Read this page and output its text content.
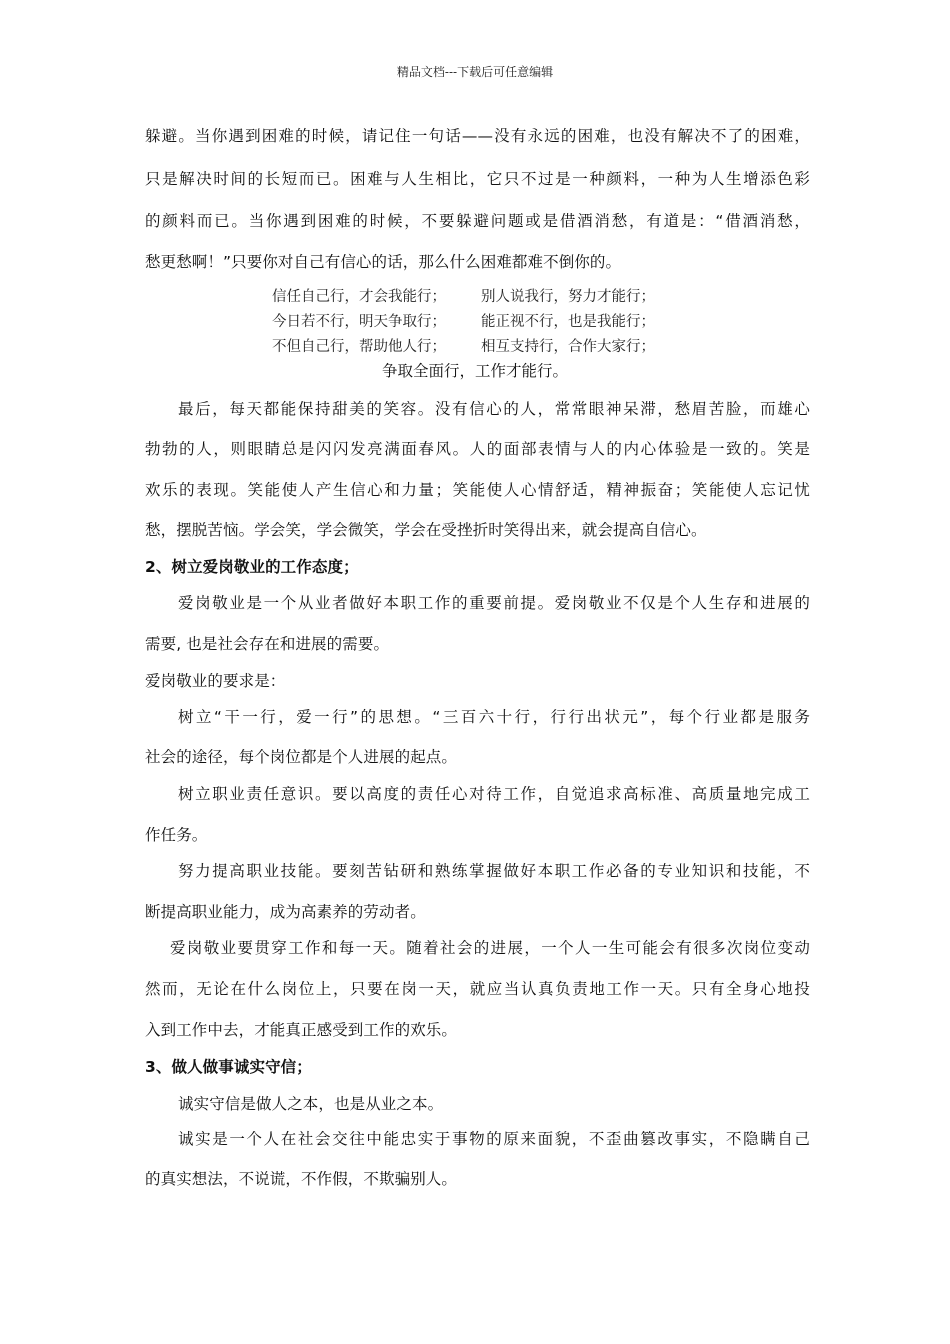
精品文档---下载后可任意编辑
躲避。当你遇到困难的时候，请记住一句话——没有永远的困难，也没有解决不了的困难，
只是解决时间的长短而已。困难与人生相比，它只不过是一种颜料，一种为人生增添色彩
的颜料而已。当你遇到困难的时候，不要躲避问题或是借酒消愁，有道是：“借酒消愁，
愁更愁啊！”只要你对自己有信心的话，那么什么困难都难不倒你的。
信任自己行，才会我能行； 别人说我行，努力才能行；
今日若不行，明天争取行； 能正视不行，也是我能行；
不但自己行，帮助他人行； 相互支持行，合作大家行；
争取全面行，工作才能行。
最后，每天都能保持甜美的笑容。没有信心的人，常常眼神呆滞，愁眉苦脸，而雄心
勃勃的人，则眼睛总是闪闪发亮满面春风。人的面部表情与人的内心体验是一致的。笑是
欢乐的表现。笑能使人产生信心和力量；笑能使人心情舒适，精神振奋；笑能使人忘记忧
愁，摆脱苦恼。学会笑，学会微笑，学会在受挫折时笑得出来，就会提高自信心。
2、树立爱岗敬业的工作态度；
爱岗敬业是一个从业者做好本职工作的重要前提。爱岗敬业不仅是个人生存和进展的
需要, 也是社会存在和进展的需要。
爱岗敬业的要求是：
树立“干一行，爱一行”的思想。“三百六十行，行行出状元”，每个行业都是服务
社会的途径，每个岗位都是个人进展的起点。
树立职业责任意识。要以高度的责任心对待工作，自觉追求高标准、高质量地完成工
作任务。
努力提高职业技能。要刻苦钻研和熟练掌握做好本职工作必备的专业知识和技能，不
断提高职业能力，成为高素养的劳动者。
爱岗敬业要贯穿工作和每一天。随着社会的进展，一个人一生可能会有很多次岗位变动
然而，无论在什么岗位上，只要在岗一天，就应当认真负责地工作一天。只有全身心地投
入到工作中去，才能真正感受到工作的欢乐。
3、做人做事诚实守信；
诚实守信是做人之本，也是从业之本。
诚实是一个人在社会交往中能忠实于事物的原来面貌，不歪曲篡改事实，不隐瞒自己
的真实想法，不说谎，不作假，不欺骗别人。
